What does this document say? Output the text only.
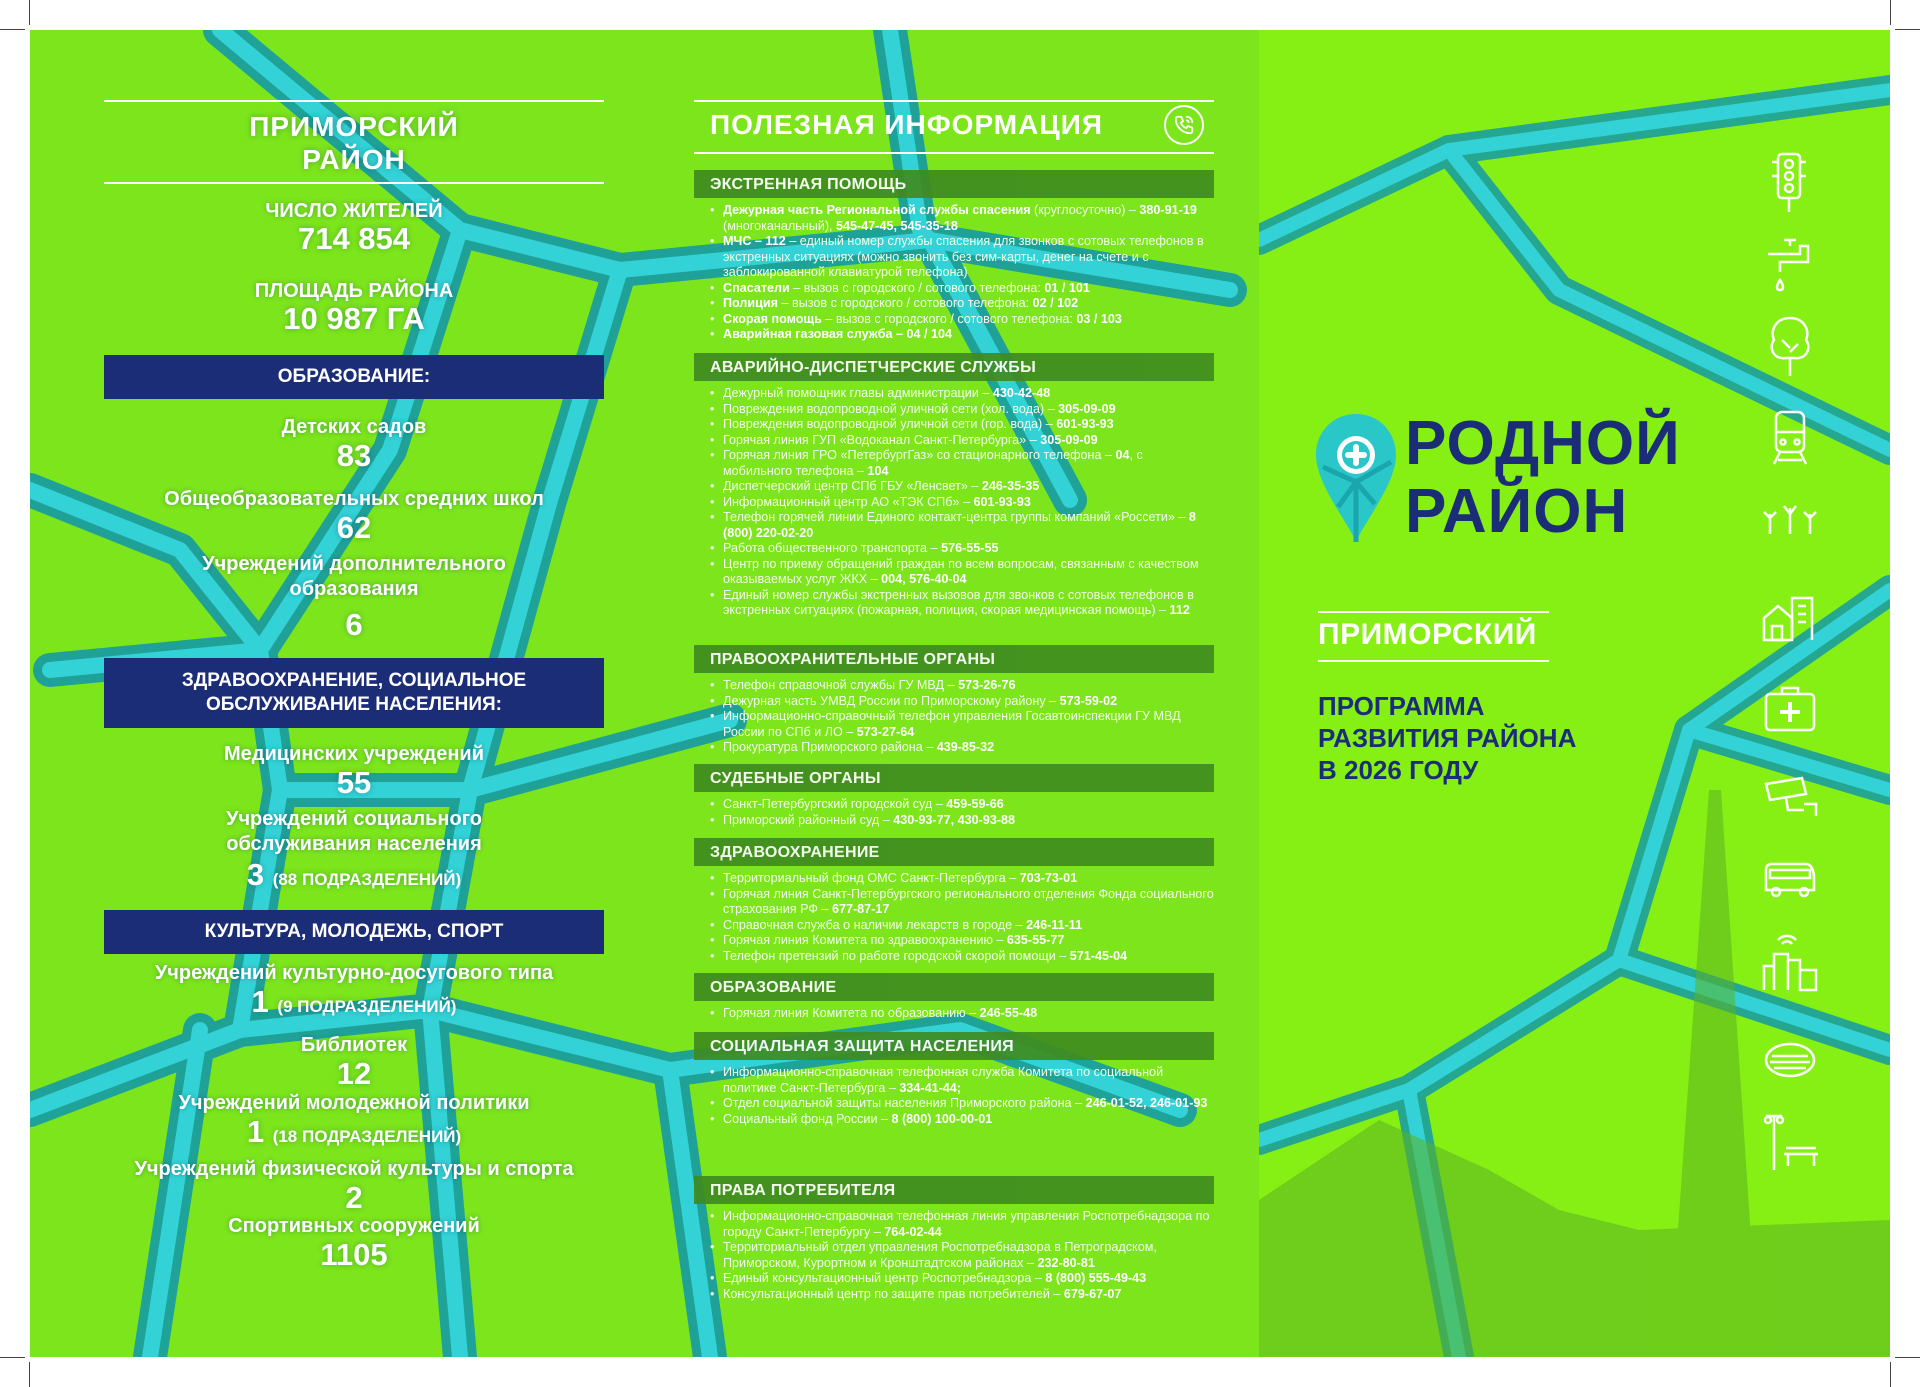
ПРИМОРСКИЙ
РАЙОН
ЧИСЛО ЖИТЕЛЕЙ
714 854
ПЛОЩАДЬ РАЙОНА
10 987 ГА
ОБРАЗОВАНИЕ:
Детских садов
83
Общеобразовательных средних школ
62
Учреждений дополнительного образования
6
ЗДРАВООХРАНЕНИЕ, СОЦИАЛЬНОЕ
ОБСЛУЖИВАНИЕ НАСЕЛЕНИЯ:
Медицинских учреждений
55
Учреждений социального
обслуживания населения
3 (88 ПОДРАЗДЕЛЕНИЙ)
КУЛЬТУРА, МОЛОДЕЖЬ, СПОРТ
Учреждений культурно-досугового типа
1 (9 ПОДРАЗДЕЛЕНИЙ)
Библиотек
12
Учреждений молодежной политики
1 (18 ПОДРАЗДЕЛЕНИЙ)
Учреждений физической культуры и спорта
2
Спортивных сооружений
1105
ПОЛЕЗНАЯ ИНФОРМАЦИЯ
ЭКСТРЕННАЯ ПОМОЩЬ
• Дежурная часть Региональной службы спасения (круглосуточно) – 380-91-19 (многоканальный), 545-47-45, 545-35-18
• МЧС – 112 – единый номер службы спасения для звонков с сотовых телефонов в экстренных ситуациях (можно звонить без сим-карты, денег на счете и с заблокированной клавиатурой телефона)
• Спасатели – вызов с городского / сотового телефона: 01 / 101
• Полиция – вызов с городского / сотового телефона: 02 / 102
• Скорая помощь – вызов с городского / сотового телефона: 03 / 103
• Аварийная газовая служба – 04 / 104
АВАРИЙНО-ДИСПЕТЧЕРСКИЕ СЛУЖБЫ
• Дежурный помощник главы администрации – 430-42-48
• Повреждения водопроводной уличной сети (хол. вода) – 305-09-09
• Повреждения водопроводной уличной сети (гор. вода) – 601-93-93
• Горячая линия ГУП «Водоканал Санкт-Петербурга» – 305-09-09
• Горячая линия ГРО «ПетербургГаз» со стационарного телефона – 04, с мобильного телефона – 104
• Диспетчерский центр СПб ГБУ «Ленсвет» – 246-35-35
• Информационный центр АО «ТЭК СПб» – 601-93-93
• Телефон горячей линии Единого контакт-центра группы компаний «Россети» – 8 (800) 220-02-20
• Работа общественного транспорта – 576-55-55
• Центр по приему обращений граждан по всем вопросам, связанным с качеством оказываемых услуг ЖКХ – 004, 576-40-04
• Единый номер службы экстренных вызовов для звонков с сотовых телефонов в экстренных ситуациях (пожарная, полиция, скорая медицинская помощь) – 112
ПРАВООХРАНИТЕЛЬНЫЕ ОРГАНЫ
• Телефон справочной службы ГУ МВД – 573-26-76
• Дежурная часть УМВД России по Приморскому району – 573-59-02
• Информационно-справочный телефон управления Госавтоинспекции ГУ МВД России по СПб и ЛО – 573-27-64
• Прокуратура Приморского района – 439-85-32
СУДЕБНЫЕ ОРГАНЫ
• Санкт-Петербургский городской суд – 459-59-66
• Приморский районный суд – 430-93-77, 430-93-88
ЗДРАВООХРАНЕНИЕ
• Территориальный фонд ОМС Санкт-Петербурга – 703-73-01
• Горячая линия Санкт-Петербургского регионального отделения Фонда социального страхования РФ – 677-87-17
• Справочная служба о наличии лекарств в городе – 246-11-11
• Горячая линия Комитета по здравоохранению – 635-55-77
• Телефон претензий по работе городской скорой помощи – 571-45-04
ОБРАЗОВАНИЕ
• Горячая линия Комитета по образованию – 246-55-48
СОЦИАЛЬНАЯ ЗАЩИТА НАСЕЛЕНИЯ
• Информационно-справочная телефонная служба Комитета по социальной политике Санкт-Петербурга – 334-41-44;
• Отдел социальной защиты населения Приморского района – 246-01-52, 246-01-93
• Социальный фонд России – 8 (800) 100-00-01
ПРАВА ПОТРЕБИТЕЛЯ
• Информационно-справочная телефонная линия управления Роспотребнадзора по городу Санкт-Петербургу – 764-02-44
• Территориальный отдел управления Роспотребнадзора в Петроградском, Приморском, Курортном и Кронштадтском районах – 232-80-81
• Единый консультационный центр Роспотребнадзора – 8 (800) 555-49-43
• Консультационный центр по защите прав потребителей – 679-67-07
РОДНОЙ
РАЙОН
ПРИМОРСКИЙ
ПРОГРАММА
РАЗВИТИЯ РАЙОНА
В 2026 ГОДУ
